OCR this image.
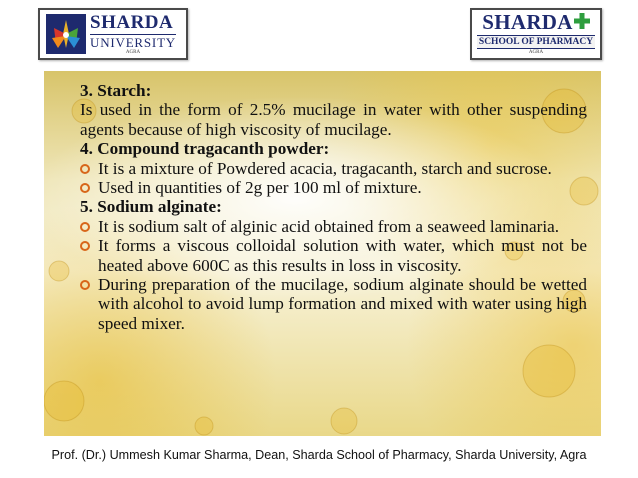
SHARDA
UNIVERSITY
AGRA
SHARDA
SCHOOL OF PHARMACY
AGRA
3. Starch:
Is used in the form of 2.5% mucilage in water with other suspending agents because of high viscosity of mucilage.
4. Compound tragacanth powder:
It is a mixture of Powdered acacia, tragacanth, starch and sucrose.
Used in quantities of 2g per 100 ml of mixture.
5. Sodium alginate:
It is sodium salt of alginic acid obtained from a seaweed laminaria.
It forms a viscous colloidal solution with water, which must not be heated above 600C as this results in loss in viscosity.
During preparation of the mucilage, sodium alginate should be wetted with alcohol to avoid lump formation and mixed with water using high speed mixer.
Prof. (Dr.) Ummesh Kumar Sharma, Dean, Sharda School of Pharmacy, Sharda University, Agra
